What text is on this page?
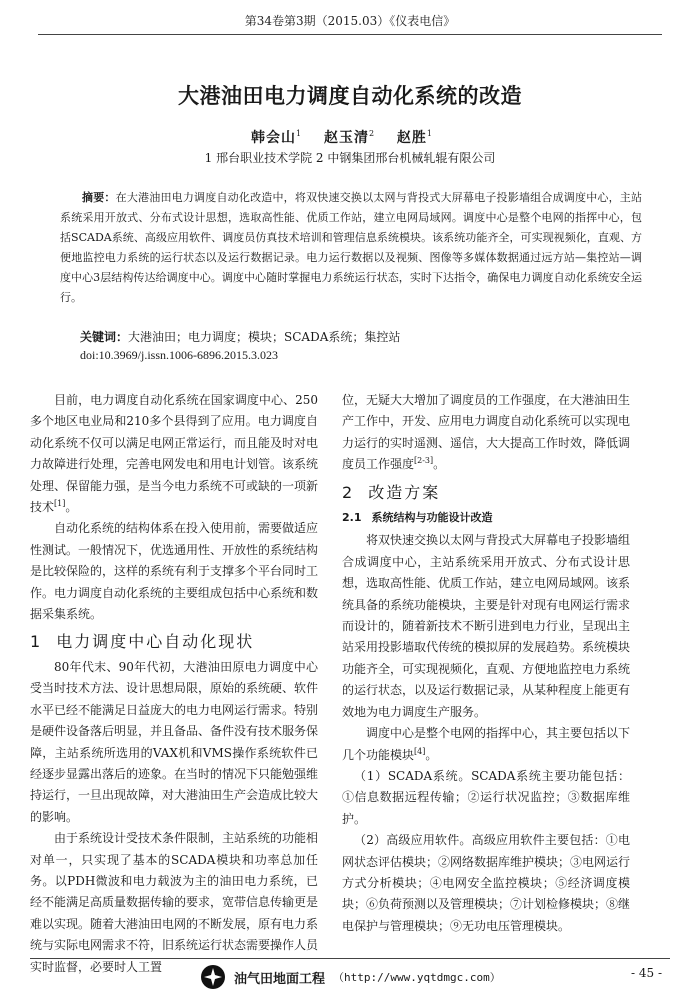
第34卷第3期（2015.03）《仪表电信》
大港油田电力调度自动化系统的改造
韩会山$^1$ 赵玉清$^2$ 赵胜$^1$
1 邢台职业技术学院 2 中钢集团邢台机械轧辊有限公司
摘要：在大港油田电力调度自动化改造中，将双快速交换以太网与背投式大屏幕电子投影墙组合成调度中心，主站系统采用开放式、分布式设计思想，选取高性能、优质工作站，建立电网局域网。调度中心是整个电网的指挥中心，包括SCADA系统、高级应用软件、调度员仿真技术培训和管理信息系统模块。该系统功能齐全，可实现视频化，直观、方便地监控电力系统的运行状态以及运行数据记录。电力运行数据以及视频、图像等多媒体数据通过远方站—集控站—调度中心3层结构传达给调度中心。调度中心随时掌握电力系统运行状态，实时下达指令，确保电力调度自动化系统安全运行。
关键词：大港油田；电力调度；模块；SCADA系统；集控站
doi:10.3969/j.issn.1006-6896.2015.3.023

目前，电力调度自动化系统在国家调度中心、250多个地区电业局和210多个县得到了应用。电力调度自动化系统不仅可以满足电网正常运行，而且能及时对电力故障进行处理，完善电网发电和用电计划管。该系统处理、保留能力强，是当今电力系统不可或缺的一项新技术[1]。

自动化系统的结构体系在投入使用前，需要做适应性测试。一般情况下，优选通用性、开放性的系统结构是比较保险的，这样的系统有利于支撑多个平台同时工作。电力调度自动化系统的主要组成包括中心系统和数据采集系统。

1 电力调度中心自动化现状

80年代末、90年代初，大港油田原电力调度中心受当时技术方法、设计思想局限，原始的系统硬、软件水平已经不能满足日益庞大的电力电网运行需求。特别是硬件设备落后明显，并且备品、备件没有技术服务保障，主站系统所选用的VAX机和VMS操作系统软件已经逐步显露出落后的迹象。在当时的情况下只能勉强维持运行，一旦出现故障，对大港油田生产会造成比较大的影响。

由于系统设计受技术条件限制，主站系统的功能相对单一，只实现了基本的SCADA模块和功率总加任务。以PDH微波和电力载波为主的油田电力系统，已经不能满足高质量数据传输的要求，宽带信息传输更是难以实现。随着大港油田电网的不断发展，原有电力系统与实际电网需求不符，旧系统运行状态需要操作人员实时监督，必要时人工置

位，无疑大大增加了调度员的工作强度，在大港油田生产工作中，开发、应用电力调度自动化系统可以实现电力运行的实时遥测、遥信，大大提高工作时效，降低调度员工作强度[2-3]。

2 改造方案
2.1 系统结构与功能设计改造

将双快速交换以太网与背投式大屏幕电子投影墙组合成调度中心，主站系统采用开放式、分布式设计思想，选取高性能、优质工作站，建立电网局域网。该系统具备的系统功能模块，主要是针对现有电网运行需求而设计的，随着新技术不断引进到电力行业，呈现出主站采用投影墙取代传统的模拟屏的发展趋势。系统模块功能齐全，可实现视频化，直观、方便地监控电力系统的运行状态，以及运行数据记录，从某种程度上能更有效地为电力调度生产服务。

调度中心是整个电网的指挥中心，其主要包括以下几个功能模块[4]。

（1）SCADA系统。SCADA系统主要功能包括：①信息数据远程传输；②运行状况监控；③数据库维护。

（2）高级应用软件。高级应用软件主要包括：①电网状态评估模块；②网络数据库维护模块；③电网运行方式分析模块；④电网安全监控模块；⑤经济调度模块；⑥负荷预测以及管理模块；⑦计划检修模块；⑧继电保护与管理模块；⑨无功电压管理模块。

油气田地面工程 （http://www.yqtdmgc.com）	- 45 -
